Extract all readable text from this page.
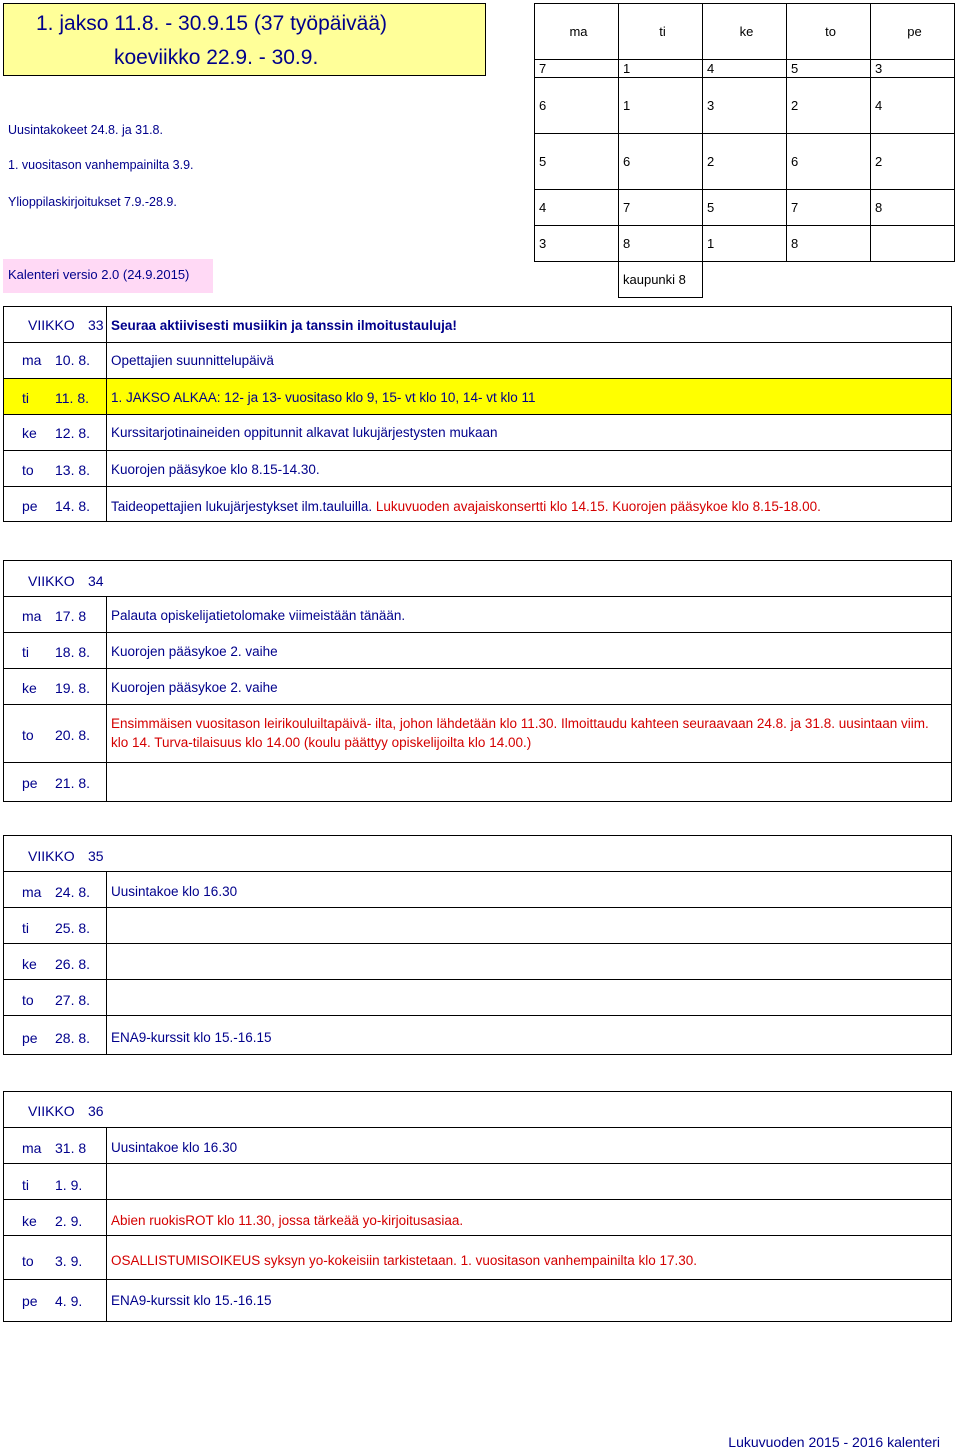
1. jakso 11.8. - 30.9.15 (37 työpäivää)
koeviikko 22.9. - 30.9.
Uusintakokeet 24.8. ja 31.8.
1. vuositason vanhempainilta 3.9.
Ylioppilaskirjoitukset 7.9.-28.9.
Kalenteri versio 2.0 (24.9.2015)
ma	ti	ke	to	pe
7	1	4	5	3
6	1	3	2	4
5	6	2	6	2
4	7	5	7	8
3	8	1	8	
	kaupunki 8			
VIIKKO 33 Seuraa aktiivisesti musiikin ja tanssin ilmoitustauluja!
ma 10. 8. Opettajien suunnittelupäivä
ti 11. 8. 1. JAKSO ALKAA: 12- ja 13- vuositaso klo 9, 15- vt klo 10, 14- vt klo 11
ke 12. 8. Kurssitarjotinaineiden oppitunnit alkavat lukujärjestysten mukaan
to 13. 8. Kuorojen pääsykoe klo 8.15-14.30.
pe 14. 8. Taideopettajien lukujärjestykset ilm.tauluilla. Lukuvuoden avajaiskonsertti klo 14.15. Kuorojen pääsykoe klo 8.15-18.00.
VIIKKO 34
ma 17. 8 Palauta opiskelijatietolomake viimeistään tänään.
ti 18. 8. Kuorojen pääsykoe 2. vaihe
ke 19. 8. Kuorojen pääsykoe 2. vaihe
to 20. 8.
Ensimmäisen vuositason leirikouluiltapäivä- ilta, johon lähdetään klo 11.30. Ilmoittaudu kahteen seuraavaan 24.8. ja 31.8. uusintaan viim. klo 14. Turva-tilaisuus klo 14.00 (koulu päättyy opiskelijoilta klo 14.00.)
pe 21. 8.
VIIKKO 35
ma 24. 8. Uusintakoe klo 16.30
ti 25. 8.
ke 26. 8.
to 27. 8.
pe 28. 8. ENA9-kurssit klo 15.-16.15
VIIKKO 36
ma 31. 8 Uusintakoe klo 16.30
ti 1. 9.
ke 2. 9. Abien ruokisROT klo 11.30, jossa tärkeää yo-kirjoitusasiaa.
to 3. 9. OSALLISTUMISOIKEUS syksyn yo-kokeisiin tarkistetaan. 1. vuositason vanhempainilta klo 17.30.
pe 4. 9. ENA9-kurssit klo 15.-16.15
Lukuvuoden 2015 - 2016 kalenteri
